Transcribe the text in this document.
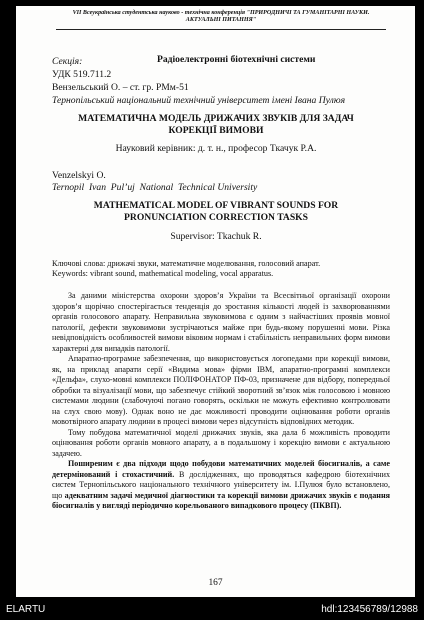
VII Всеукраїнська студентська науково - технічна конференція "ПРИРОДНИЧІ ТА ГУМАНІТАРНІ НАУКИ.
АКТУАЛЬНІ ПИТАННЯ"
Секція:	Радіоелектронні біотехнічні системи
УДК 519.711.2
Вензельський О. – ст. гр. РМм-51
Тернопільський національний технічний університет імені Івана Пулюя
МАТЕМАТИЧНА МОДЕЛЬ ДРИЖАЧИХ ЗВУКІВ ДЛЯ ЗАДАЧ
КОРЕКЦІЇ ВИМОВИ
Науковий керівник: д. т. н., професор Ткачук Р.А.
Venzelskyi O.
Ternopil  Ivan  Pul’uj  National  Technical University
MATHEMATICAL MODEL OF VIBRANT SOUNDS FOR
PRONUNCIATION CORRECTION TASKS
Supervisor: Tkachuk R.
Ключові слова: дрижачі звуки, математичне моделювання, голосовий апарат.
Keywords: vibrant sound, mathematical modeling, vocal apparatus.

За даними міністерства охорони здоров’я України та Всесвітньої організації охорони здоров’я щорічно спостерігається тенденція до зростання кількості людей із захворюваннями органів голосового апарату. Неправильна звуковимова є одним з найчастіших проявів мовної патології, дефекти звуковимови зустрічаються майже при будь-якому порушенні мови. Різка невідповідність особливостей вимови віковим нормам і стабільність неправильних форм вимови характерні для випадків патології.

Апаратно-програмне забезпечення, що використовується логопедами при корекції вимови, як, на приклад апарати серії «Видима мова» фірми IBM, апаратно-програмні комплекси «Дельфа», слухо-мовні комплекси ПОЛІФОНАТОР ПФ-03, призначене для відбору, попередньої обробки та візуалізації мови, що забезпечує стійкий зворотний зв’язок між голосовою і мовною системами людини (слабочуючі погано говорять, оскільки не можуть ефективно контролювати на слух свою мову). Однак воно не дає можливості проводити оцінювання роботи органів мовотвірного апарату людини в процесі вимови через відсутність відповідних методик.

Тому побудова математичної моделі дрижачих звуків, яка дала б можливість проводити оцінювання роботи органів мовного апарату, а в подальшому і корекцію вимови є актуальною задачею.

Поширеним є два підходи щодо побудови математичних моделей біосигналів, а саме детермінований і стохастичний. В дослідженнях, що проводяться кафедрою біотехнічних систем Тернопільського національного технічного університету ім. І.Пулюя було встановлено, що адекватним задачі медичної діагностики та корекції вимови дрижачих звуків є подання біосигналів у вигляді періодично корельованого випадкового процесу (ПКВП).

167
ELARTU	hdl:123456789/12988
